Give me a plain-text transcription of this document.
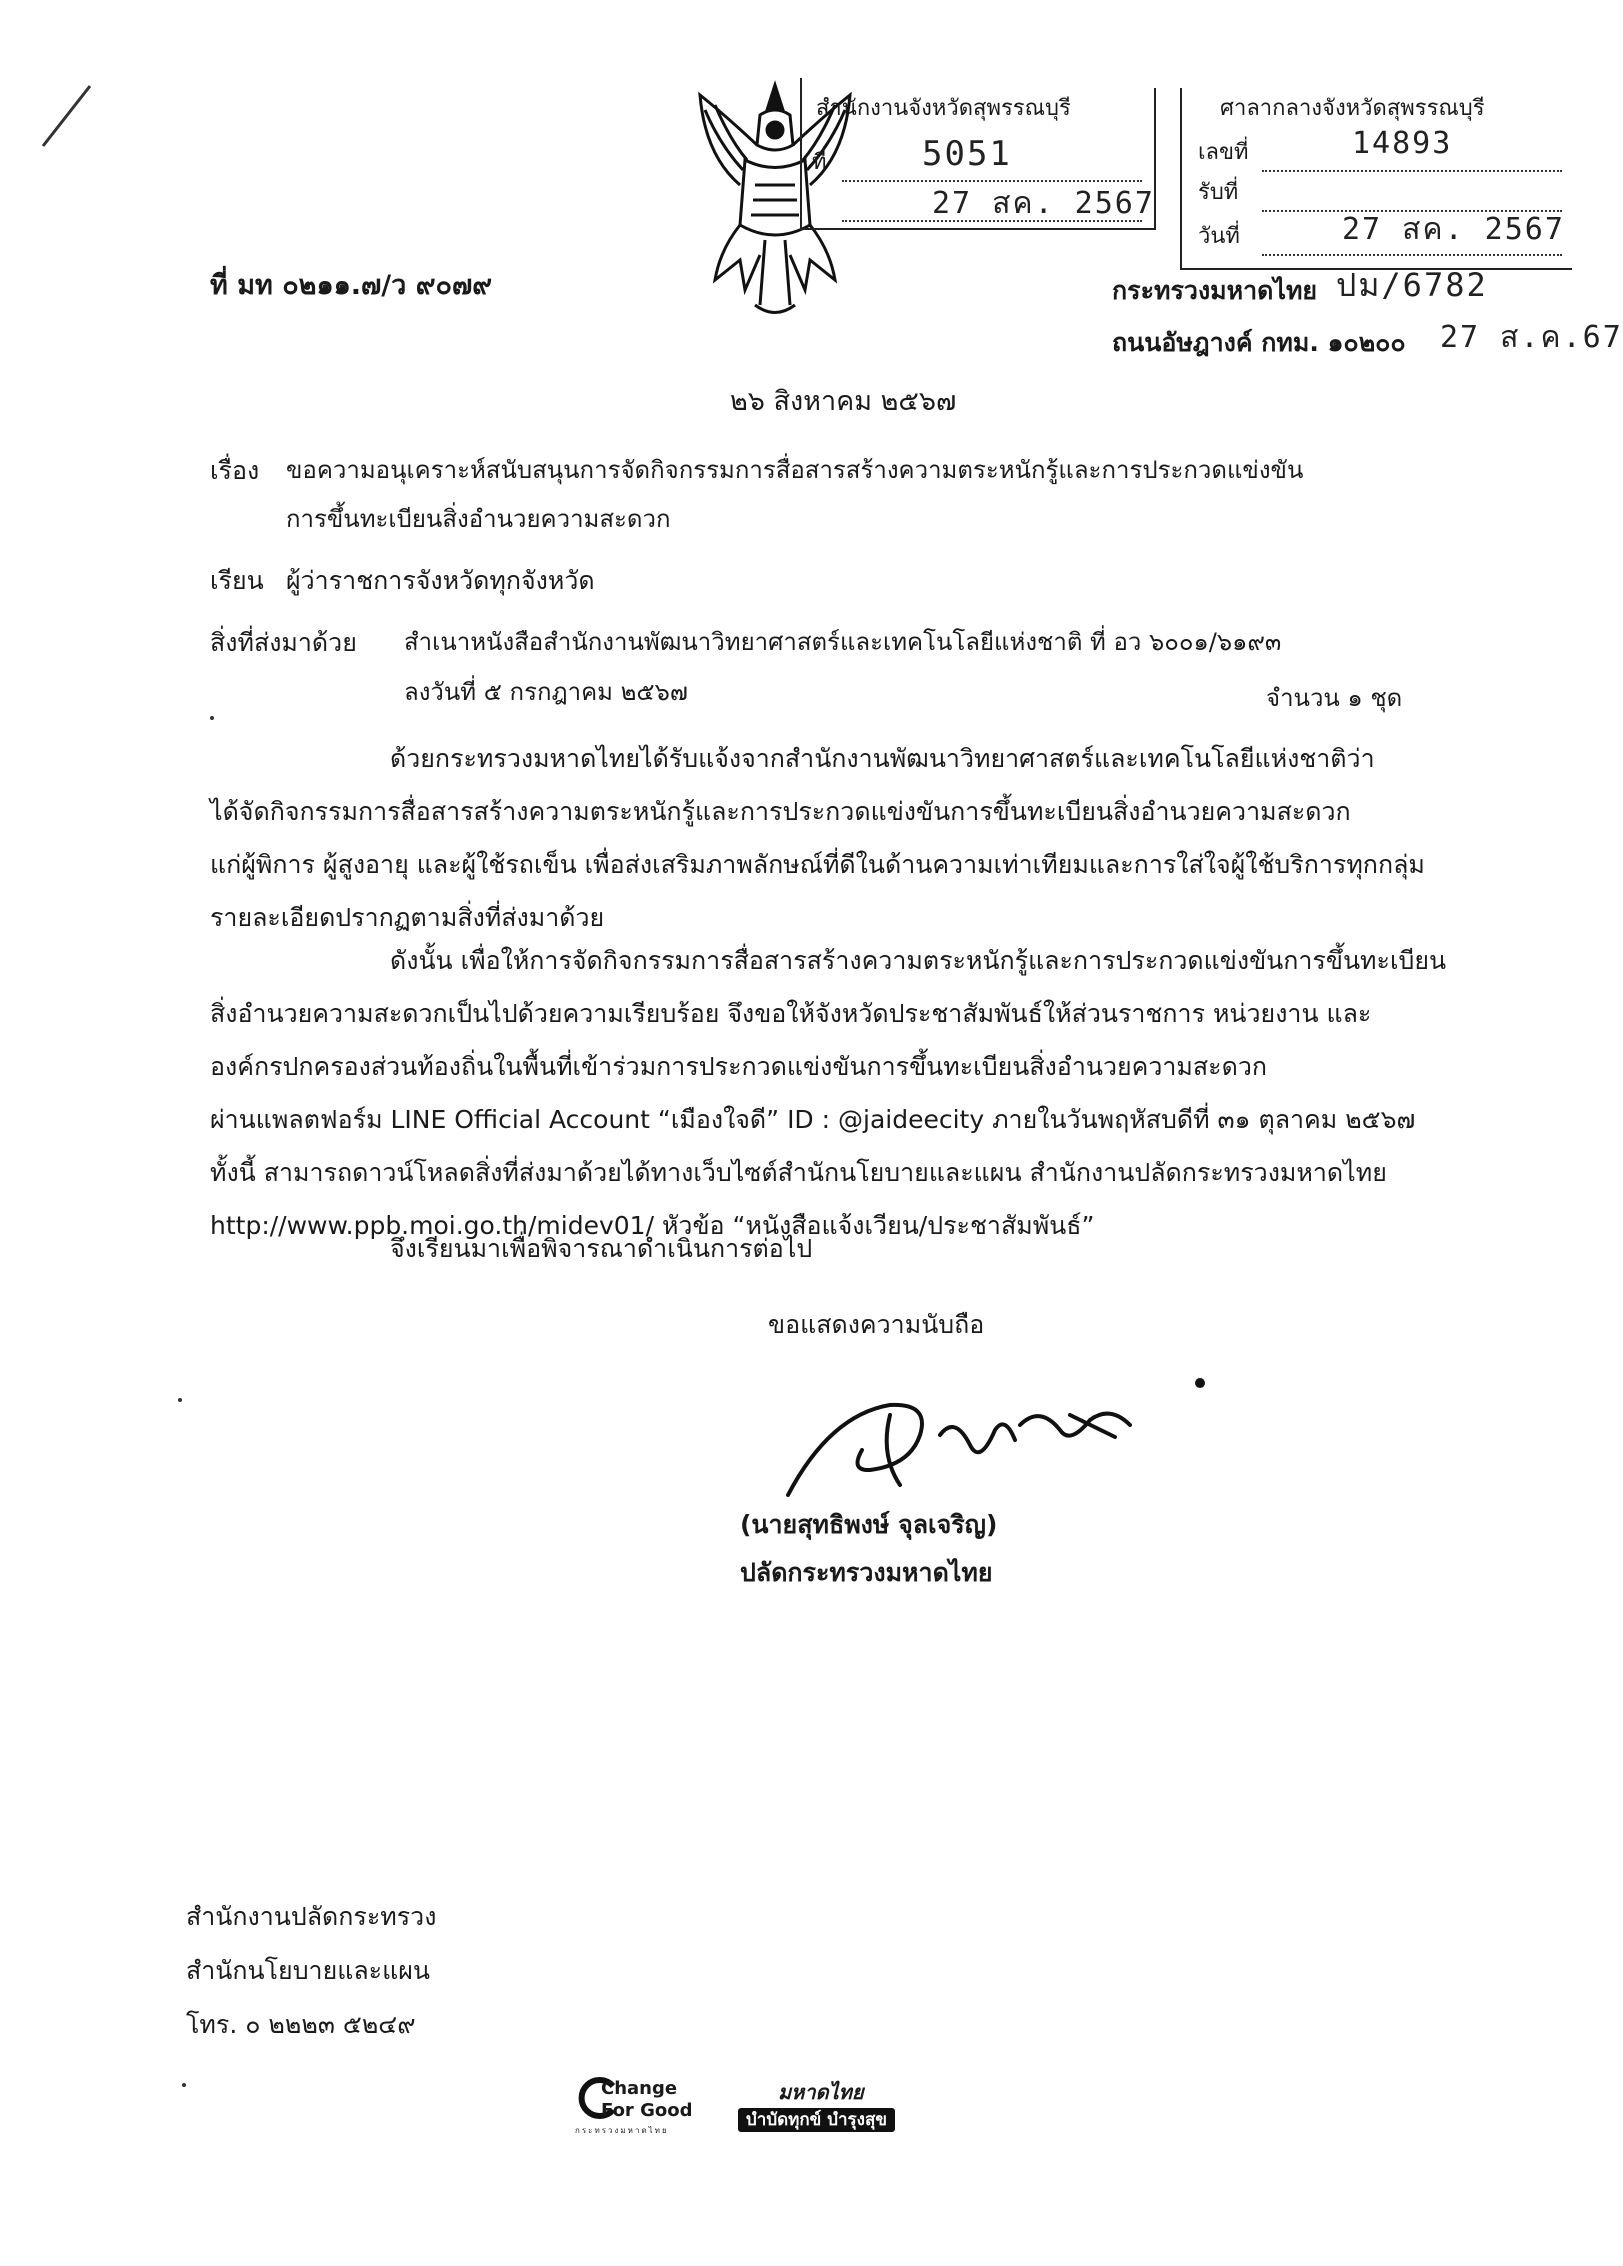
สำนักงานจังหวัดสุพรรณบุรี
ที่	5051
27 สค. 2567
ศาลากลางจังหวัดสุพรรณบุรี
เลขที่	14893
รับที่
วันที่	27 สค. 2567
ที่ มท ๐๒๑๑.๗/ว ๙๐๗๙	กระทรวงมหาดไทย ปม/6782
ถนนอัษฎางค์ กทม. ๑๐๒๐๐ 27 ส.ค.67
๒๖ สิงหาคม ๒๕๖๗
เรื่อง ขอความอนุเคราะห์สนับสนุนการจัดกิจกรรมการสื่อสารสร้างความตระหนักรู้และการประกวดแข่งขัน
การขึ้นทะเบียนสิ่งอำนวยความสะดวก
เรียน ผู้ว่าราชการจังหวัดทุกจังหวัด
สิ่งที่ส่งมาด้วย สำเนาหนังสือสำนักงานพัฒนาวิทยาศาสตร์และเทคโนโลยีแห่งชาติ ที่ อว ๖๐๐๑/๖๑๙๓
ลงวันที่ ๕ กรกฎาคม ๒๕๖๗	จำนวน ๑ ชุด
ด้วยกระทรวงมหาดไทยได้รับแจ้งจากสำนักงานพัฒนาวิทยาศาสตร์และเทคโนโลยีแห่งชาติว่า
ได้จัดกิจกรรมการสื่อสารสร้างความตระหนักรู้และการประกวดแข่งขันการขึ้นทะเบียนสิ่งอำนวยความสะดวก
แก่ผู้พิการ ผู้สูงอายุ และผู้ใช้รถเข็น เพื่อส่งเสริมภาพลักษณ์ที่ดีในด้านความเท่าเทียมและการใส่ใจผู้ใช้บริการทุกกลุ่ม
รายละเอียดปรากฏตามสิ่งที่ส่งมาด้วย
ดังนั้น เพื่อให้การจัดกิจกรรมการสื่อสารสร้างความตระหนักรู้และการประกวดแข่งขันการขึ้นทะเบียน
สิ่งอำนวยความสะดวกเป็นไปด้วยความเรียบร้อย จึงขอให้จังหวัดประชาสัมพันธ์ให้ส่วนราชการ หน่วยงาน และ
องค์กรปกครองส่วนท้องถิ่นในพื้นที่เข้าร่วมการประกวดแข่งขันการขึ้นทะเบียนสิ่งอำนวยความสะดวก
ผ่านแพลตฟอร์ม LINE Official Account “เมืองใจดี” ID : @jaideecity ภายในวันพฤหัสบดีที่ ๓๑ ตุลาคม ๒๕๖๗
ทั้งนี้ สามารถดาวน์โหลดสิ่งที่ส่งมาด้วยได้ทางเว็บไซต์สำนักนโยบายและแผน สำนักงานปลัดกระทรวงมหาดไทย
http://www.ppb.moi.go.th/midev01/ หัวข้อ “หนังสือแจ้งเวียน/ประชาสัมพันธ์”
จึงเรียนมาเพื่อพิจารณาดำเนินการต่อไป
ขอแสดงความนับถือ
(นายสุทธิพงษ์ จุลเจริญ)
ปลัดกระทรวงมหาดไทย
สำนักงานปลัดกระทรวง
สำนักนโยบายและแผน
โทร. ๐ ๒๒๒๓ ๕๒๔๙
Change For Good
กระทรวงมหาดไทย
มหาดไทย
บำบัดทุกข์ บำรุงสุข
